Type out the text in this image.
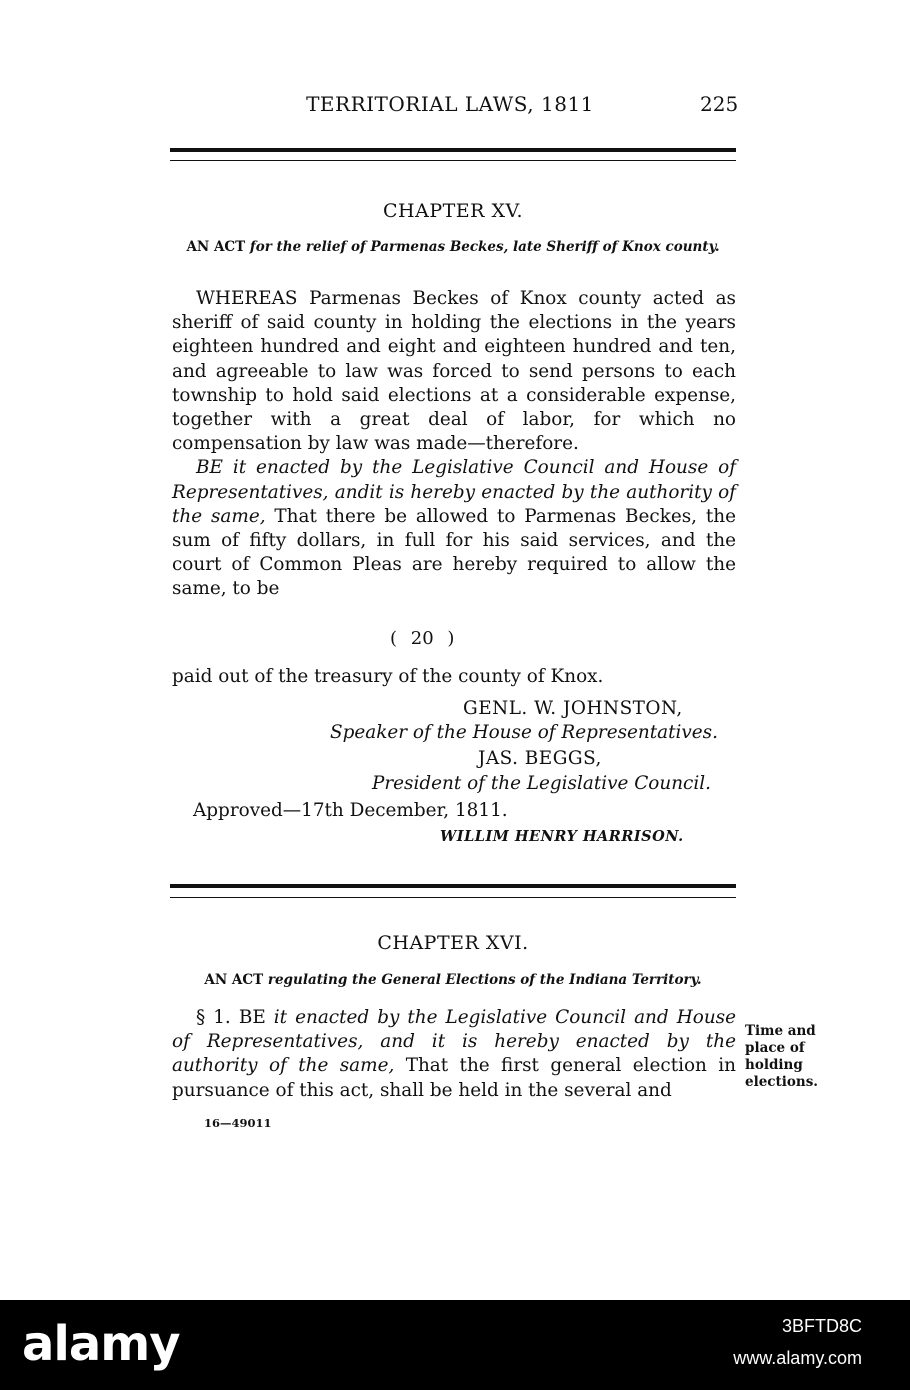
TERRITORIAL LAWS, 1811	225
CHAPTER XV.
AN ACT for the relief of Parmenas Beckes, late Sheriff of Knox county.

WHEREAS Parmenas Beckes of Knox county acted as sheriff of said county in holding the elections in the years eighteen hundred and eight and eighteen hundred and ten, and agreeable to law was forced to send persons to each township to hold said elections at a considerable expense, together with a great deal of labor, for which no compensation by law was made—therefore.

BE it enacted by the Legislative Council and House of Representatives, andit is hereby enacted by the authority of the same, That there be allowed to Parmenas Beckes, the sum of fifty dollars, in full for his said services, and the court of Common Pleas are hereby required to allow the same, to be

( 20 )
paid out of the treasury of the county of Knox.
GENL. W. JOHNSTON,
Speaker of the House of Representatives.
JAS. BEGGS,
President of the Legislative Council.
Approved—17th December, 1811.
WILLIM HENRY HARRISON.
CHAPTER XVI.
AN ACT regulating the General Elections of the Indiana Territory.

§ 1. BE it enacted by the Legislative Council and House of Representatives, and it is hereby enacted by the authority of the same, That the first general election in pursuance of this act, shall be held in the several and

Time and place of holding elections.
16—49011
alamy	3BFTD8C
www.alamy.com
